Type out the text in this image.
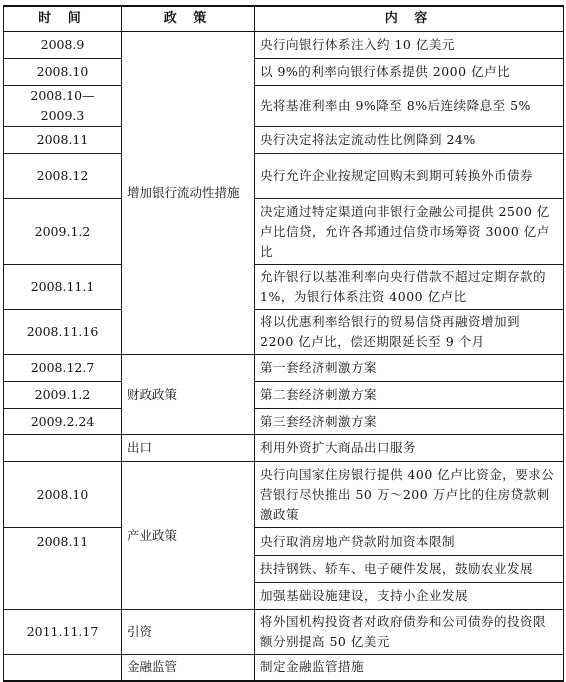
时 间	政 策	内 容
2008.9	增加银行流动性措施	央行向银行体系注入约 10 亿美元
2008.10		以 9%的利率向银行体系提供 2000 亿卢比
2008.10—2009.3		先将基准利率由 9%降至 8%后连续降息至 5%
2008.11		央行决定将法定流动性比例降到 24%
2008.12		央行允许企业按规定回购未到期可转换外币债券
2009.1.2		决定通过特定渠道向非银行金融公司提供 2500 亿卢比信贷，允许各邦通过信贷市场筹资 3000 亿卢比
2008.11.1		允许银行以基准利率向央行借款不超过定期存款的 1%，为银行体系注资 4000 亿卢比
2008.11.16		将以优惠利率给银行的贸易信贷再融资增加到 2200 亿卢比，偿还期限延长至 9 个月
2008.12.7	财政政策	第一套经济刺激方案
2009.1.2		第二套经济刺激方案
2009.2.24		第三套经济刺激方案
	出口	利用外资扩大商品出口服务
2008.10	产业政策	央行向国家住房银行提供 400 亿卢比资金，要求公营银行尽快推出 50 万～200 万卢比的住房贷款刺激政策
2008.11		央行取消房地产贷款附加资本限制
		扶持钢铁、轿车、电子硬件发展，鼓励农业发展
		加强基础设施建设，支持小企业发展
2011.11.17	引资	将外国机构投资者对政府债券和公司债券的投资限额分别提高 50 亿美元
	金融监管	制定金融监管措施
